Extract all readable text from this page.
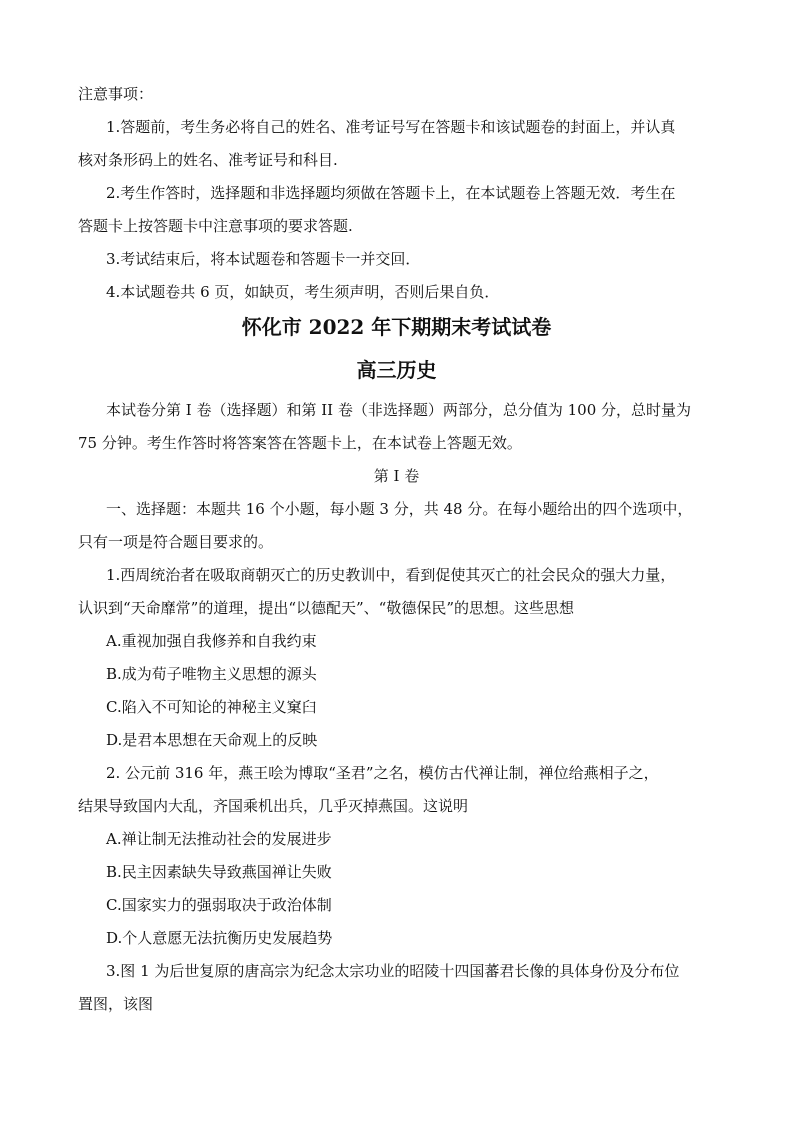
注意事项：
1.答题前，考生务必将自己的姓名、准考证号写在答题卡和该试题卷的封面上，并认真
核对条形码上的姓名、准考证号和科目.
2.考生作答时，选择题和非选择题均须做在答题卡上，在本试题卷上答题无效．考生在
答题卡上按答题卡中注意事项的要求答题.
3.考试结束后，将本试题卷和答题卡一并交回．
4.本试题卷共 6 页，如缺页，考生须声明，否则后果自负．
怀化市 2022 年下期期末考试试卷
高三历史
本试卷分第 I 卷（选择题）和第 II 卷（非选择题）两部分，总分值为 100 分，总时量为
75 分钟。考生作答时将答案答在答题卡上，在本试卷上答题无效。
第 I 卷
一、选择题：本题共 16 个小题，每小题 3 分，共 48 分。在每小题给出的四个选项中，
只有一项是符合题目要求的。
1.西周统治者在吸取商朝灭亡的历史教训中，看到促使其灭亡的社会民众的强大力量，
认识到“天命靡常”的道理，提出“以德配天”、“敬德保民”的思想。这些思想
A.重视加强自我修养和自我约束
B.成为荀子唯物主义思想的源头
C.陷入不可知论的神秘主义窠臼
D.是君本思想在天命观上的反映
2. 公元前 316 年，燕王哙为博取“圣君”之名，模仿古代禅让制，禅位给燕相子之，
结果导致国内大乱，齐国乘机出兵，几乎灭掉燕国。这说明
A.禅让制无法推动社会的发展进步
B.民主因素缺失导致燕国禅让失败
C.国家实力的强弱取决于政治体制
D.个人意愿无法抗衡历史发展趋势
3.图 1 为后世复原的唐高宗为纪念太宗功业的昭陵十四国蕃君长像的具体身份及分布位
置图，该图
